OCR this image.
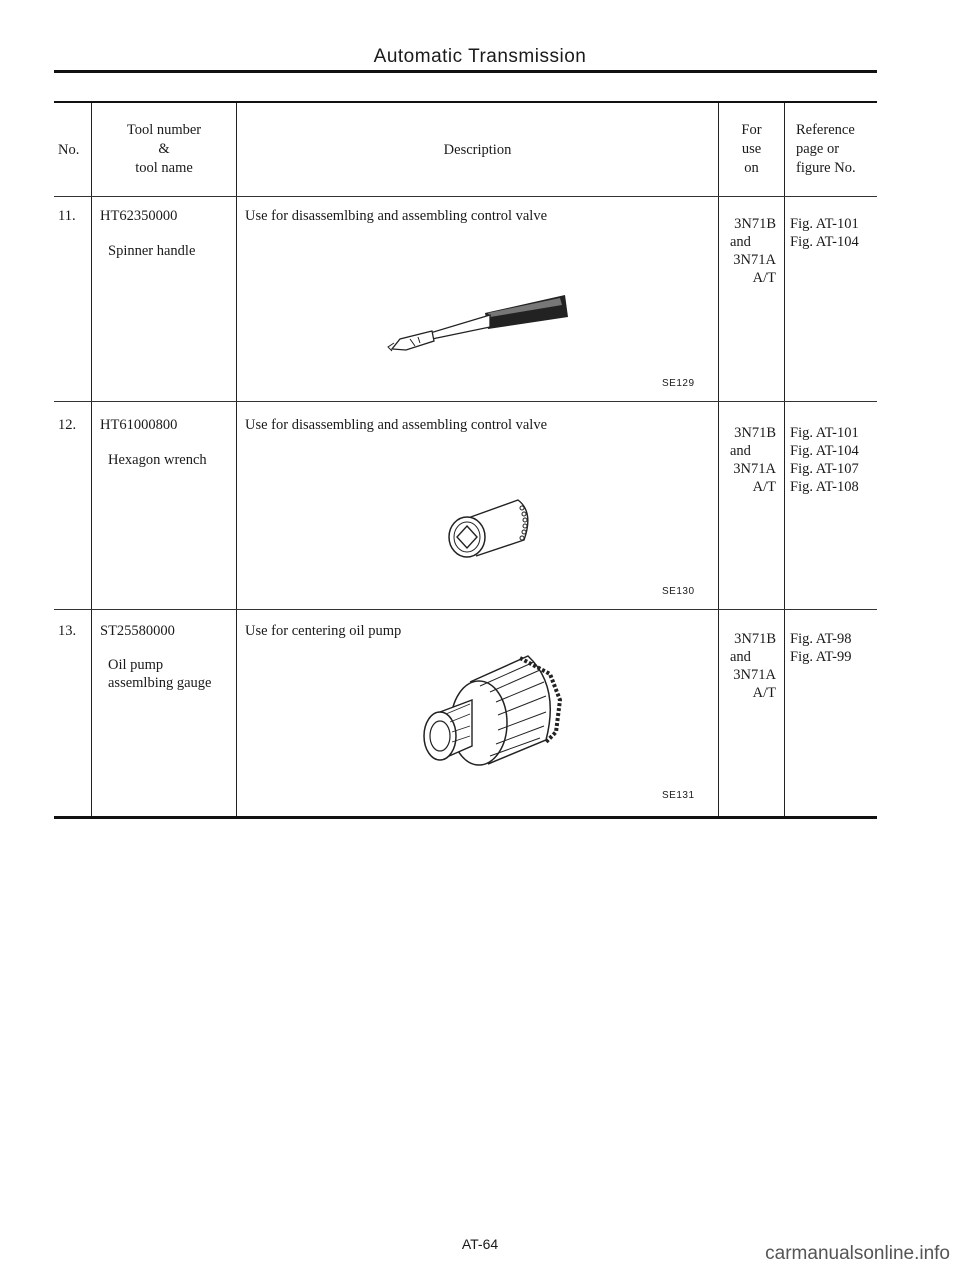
Automatic Transmission
No.
Tool number
&
tool name
Description
For
use
on
Reference
page or
figure No.
11. HT62350000
Spinner handle
Use for disassemlbing and assembling control valve
SE129
3N71B
and
3N71A
A/T
Fig. AT-101
Fig. AT-104
12. HT61000800
Hexagon wrench
Use for disassembling and assembling control valve
SE130
3N71B
and
3N71A
A/T
Fig. AT-101
Fig. AT-104
Fig. AT-107
Fig. AT-108
13. ST25580000
Oil pump
assemlbing gauge
Use for centering oil pump
SE131
3N71B
and
3N71A
A/T
Fig. AT-98
Fig. AT-99
AT-64	carmanualsonline.info
